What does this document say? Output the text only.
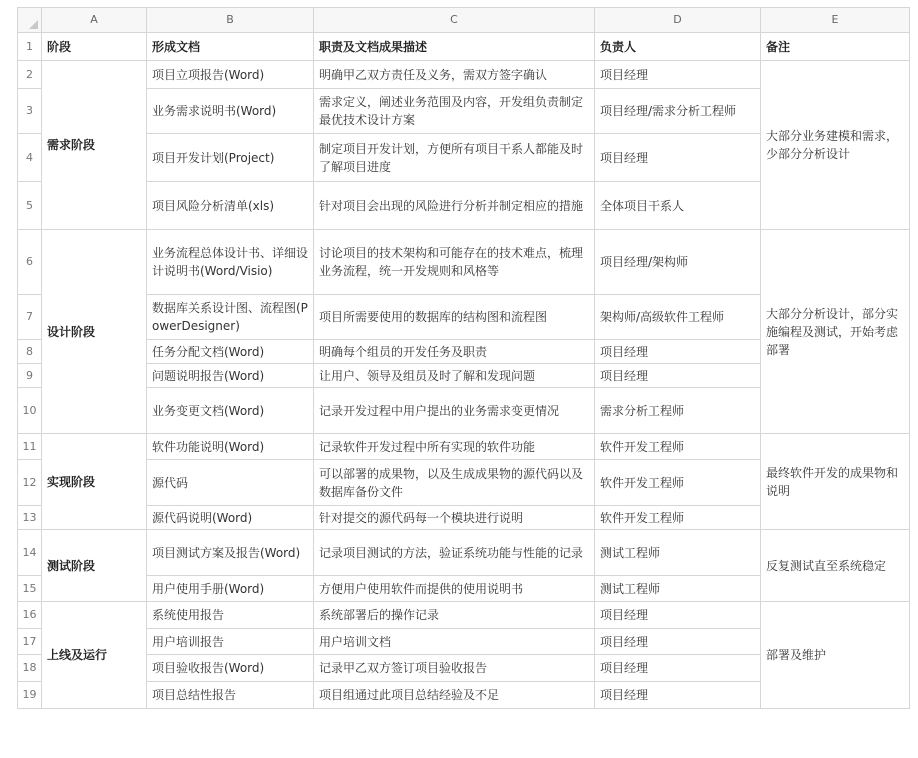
	A	B	C	D	E
1	阶段	形成文档	职责及文档成果描述	负责人	备注
2	需求阶段	项目立项报告(Word)	明确甲乙双方责任及义务，需双方签字确认	项目经理	大部分业务建模和需求，少部分分析设计
3		业务需求说明书(Word)	需求定义，阐述业务范围及内容，开发组负责制定最优技术设计方案	项目经理/需求分析工程师	
4		项目开发计划(Project)	制定项目开发计划，方便所有项目干系人都能及时了解项目进度	项目经理	
5		项目风险分析清单(xls)	针对项目会出现的风险进行分析并制定相应的措施	全体项目干系人	
6	设计阶段	业务流程总体设计书、详细设计说明书(Word/Visio)	讨论项目的技术架构和可能存在的技术难点，梳理业务流程，统一开发规则和风格等	项目经理/架构师	大部分分析设计，部分实施编程及测试，开始考虑部署
7		数据库关系设计图、流程图(PowerDesigner)	项目所需要使用的数据库的结构图和流程图	架构师/高级软件工程师	
8		任务分配文档(Word)	明确每个组员的开发任务及职责	项目经理	
9		问题说明报告(Word)	让用户、领导及组员及时了解和发现问题	项目经理	
10		业务变更文档(Word)	记录开发过程中用户提出的业务需求变更情况	需求分析工程师	
11	实现阶段	软件功能说明(Word)	记录软件开发过程中所有实现的软件功能	软件开发工程师	最终软件开发的成果物和说明
12		源代码	可以部署的成果物，以及生成成果物的源代码以及数据库备份文件	软件开发工程师	
13		源代码说明(Word)	针对提交的源代码每一个模块进行说明	软件开发工程师	
14	测试阶段	项目测试方案及报告(Word)	记录项目测试的方法，验证系统功能与性能的记录	测试工程师	反复测试直至系统稳定
15		用户使用手册(Word)	方便用户使用软件而提供的使用说明书	测试工程师	
16	上线及运行	系统使用报告	系统部署后的操作记录	项目经理	部署及维护
17		用户培训报告	用户培训文档	项目经理	
18		项目验收报告(Word)	记录甲乙双方签订项目验收报告	项目经理	
19		项目总结性报告	项目组通过此项目总结经验及不足	项目经理	
